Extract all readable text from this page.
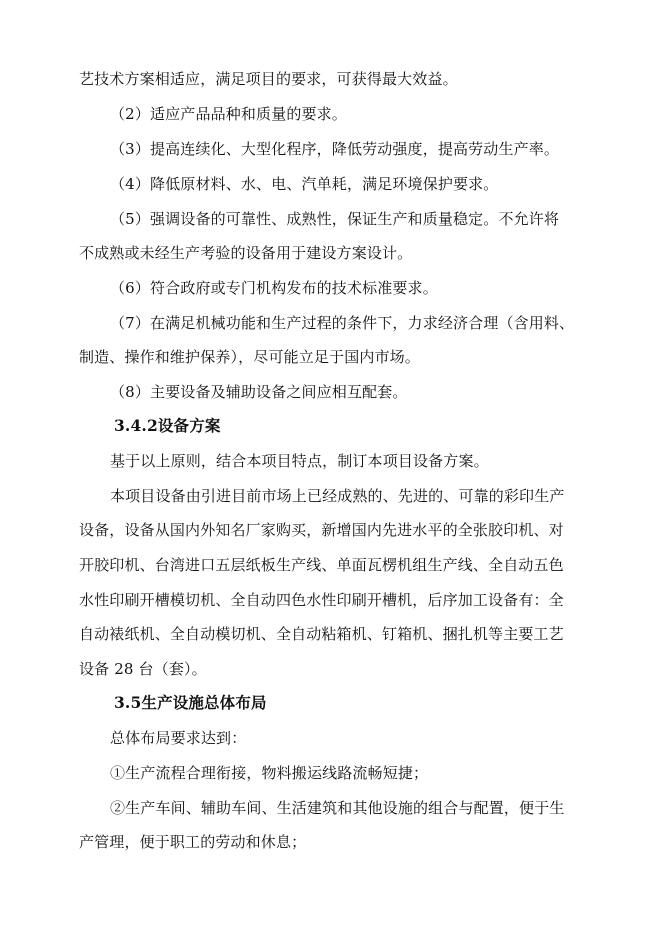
艺技术方案相适应，满足项目的要求，可获得最大效益。
（2）适应产品品种和质量的要求。
（3）提高连续化、大型化程序，降低劳动强度，提高劳动生产率。
（4）降低原材料、水、电、汽单耗，满足环境保护要求。
（5）强调设备的可靠性、成熟性，保证生产和质量稳定。不允许将
不成熟或未经生产考验的设备用于建设方案设计。
（6）符合政府或专门机构发布的技术标准要求。
（7）在满足机械功能和生产过程的条件下，力求经济合理（含用料、
制造、操作和维护保养），尽可能立足于国内市场。
（8）主要设备及辅助设备之间应相互配套。
3.4.2设备方案
基于以上原则，结合本项目特点，制订本项目设备方案。
本项目设备由引进目前市场上已经成熟的、先进的、可靠的彩印生产
设备，设备从国内外知名厂家购买，新增国内先进水平的全张胶印机、对
开胶印机、台湾进口五层纸板生产线、单面瓦楞机组生产线、全自动五色
水性印刷开槽模切机、全自动四色水性印刷开槽机，后序加工设备有：全
自动裱纸机、全自动模切机、全自动粘箱机、钉箱机、捆扎机等主要工艺
设备 28 台（套）。
3.5生产设施总体布局
总体布局要求达到：
①生产流程合理衔接，物料搬运线路流畅短捷；
②生产车间、辅助车间、生活建筑和其他设施的组合与配置，便于生
产管理，便于职工的劳动和休息；
